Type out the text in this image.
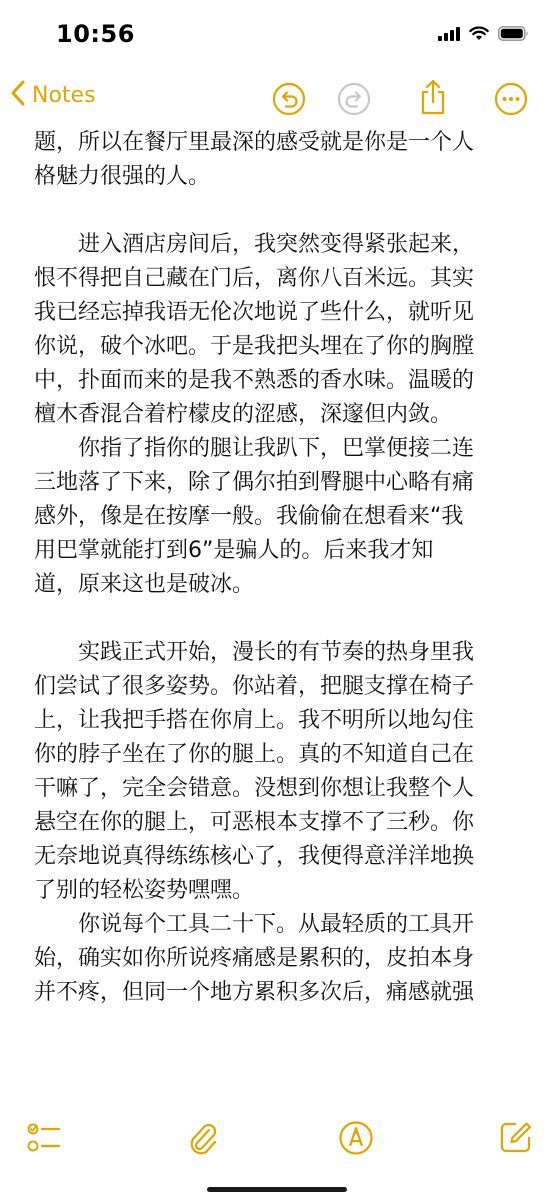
10:56
Notes

题，所以在餐厅里最深的感受就是你是一个人
格魅力很强的人。

进入酒店房间后，我突然变得紧张起来，
恨不得把自己藏在门后，离你八百米远。其实
我已经忘掉我语无伦次地说了些什么，就听见
你说，破个冰吧。于是我把头埋在了你的胸膛
中，扑面而来的是我不熟悉的香水味。温暖的
檀木香混合着柠檬皮的涩感，深邃但内敛。

你指了指你的腿让我趴下，巴掌便接二连
三地落了下来，除了偶尔拍到臀腿中心略有痛
感外，像是在按摩一般。我偷偷在想看来“我
用巴掌就能打到6”是骗人的。后来我才知
道，原来这也是破冰。

实践正式开始，漫长的有节奏的热身里我
们尝试了很多姿势。你站着，把腿支撑在椅子
上，让我把手搭在你肩上。我不明所以地勾住
你的脖子坐在了你的腿上。真的不知道自己在
干嘛了，完全会错意。没想到你想让我整个人
悬空在你的腿上，可恶根本支撑不了三秒。你
无奈地说真得练练核心了，我便得意洋洋地换
了别的轻松姿势嘿嘿。

你说每个工具二十下。从最轻质的工具开
始，确实如你所说疼痛感是累积的，皮拍本身
并不疼，但同一个地方累积多次后，痛感就强
